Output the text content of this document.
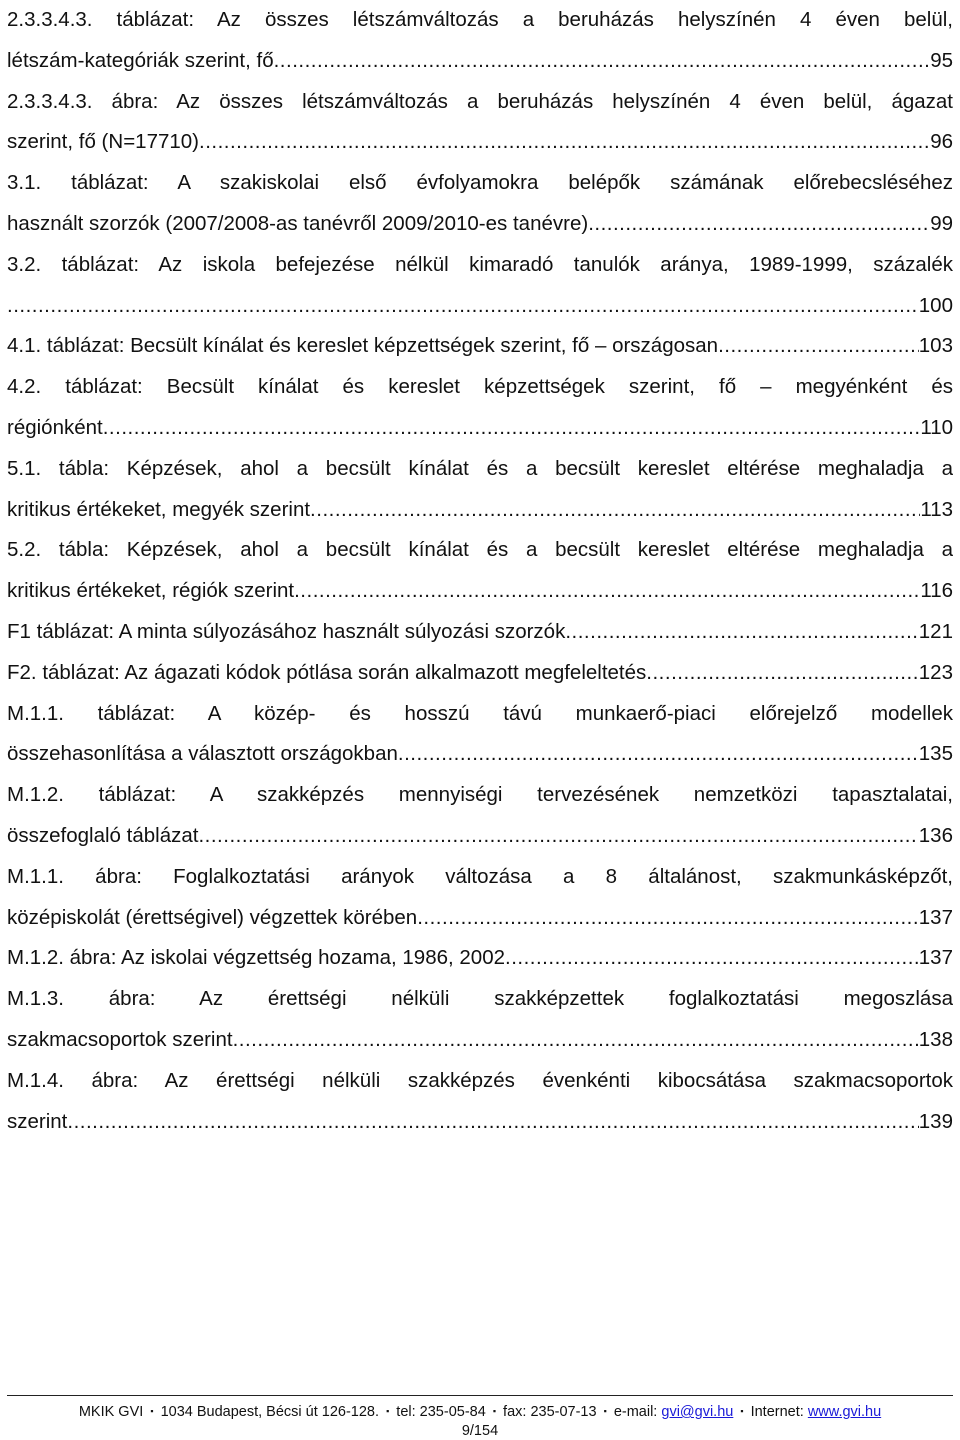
2.3.3.4.3. táblázat: Az összes létszámváltozás a beruházás helyszínén 4 éven belül,
létszám-kategóriák szerint, fő .....	95
2.3.3.4.3. ábra: Az összes létszámváltozás a beruházás helyszínén 4 éven belül, ágazat
szerint, fő (N=17710) .....	96
3.1. táblázat: A szakiskolai első évfolyamokra belépők számának előrebecsléséhez
használt szorzók (2007/2008-as tanévről 2009/2010-es tanévre) .....	99
3.2. táblázat: Az iskola befejezése nélkül kimaradó tanulók aránya, 1989-1999, százalék
.....
100
4.1. táblázat: Becsült kínálat és kereslet képzettségek szerint, fő – országosan .....	103
4.2. táblázat: Becsült kínálat és kereslet képzettségek szerint, fő – megyénként és
régiónként .....	110
5.1. tábla: Képzések, ahol a becsült kínálat és a becsült kereslet eltérése meghaladja a
kritikus értékeket, megyék szerint .....	113
5.2. tábla: Képzések, ahol a becsült kínálat és a becsült kereslet eltérése meghaladja a
kritikus értékeket, régiók szerint .....	116
F1 táblázat: A minta súlyozásához használt súlyozási szorzók .....	121
F2. táblázat: Az ágazati kódok pótlása során alkalmazott megfeleltetés .....	123
M.1.1. táblázat: A közép- és hosszú távú munkaerő-piaci előrejelző modellek
összehasonlítása a választott országokban .....	135
M.1.2. táblázat: A szakképzés mennyiségi tervezésének nemzetközi tapasztalatai,
összefoglaló táblázat .....	136
M.1.1. ábra: Foglalkoztatási arányok változása a 8 általánost, szakmunkásképzőt,
középiskolát (érettségivel) végzettek körében .....	137
M.1.2. ábra: Az iskolai végzettség hozama, 1986, 2002 .....	137
M.1.3. ábra: Az érettségi nélküli szakképzettek foglalkoztatási megoszlása
szakmacsoportok szerint .....	138
M.1.4. ábra: Az érettségi nélküli szakképzés évenkénti kibocsátása szakmacsoportok
szerint .....	139
MKIK GVI ▪ 1034 Budapest, Bécsi út 126-128. ▪ tel: 235-05-84 ▪ fax: 235-07-13 ▪ e-mail: gvi@gvi.hu ▪ Internet: www.gvi.hu
9/154
